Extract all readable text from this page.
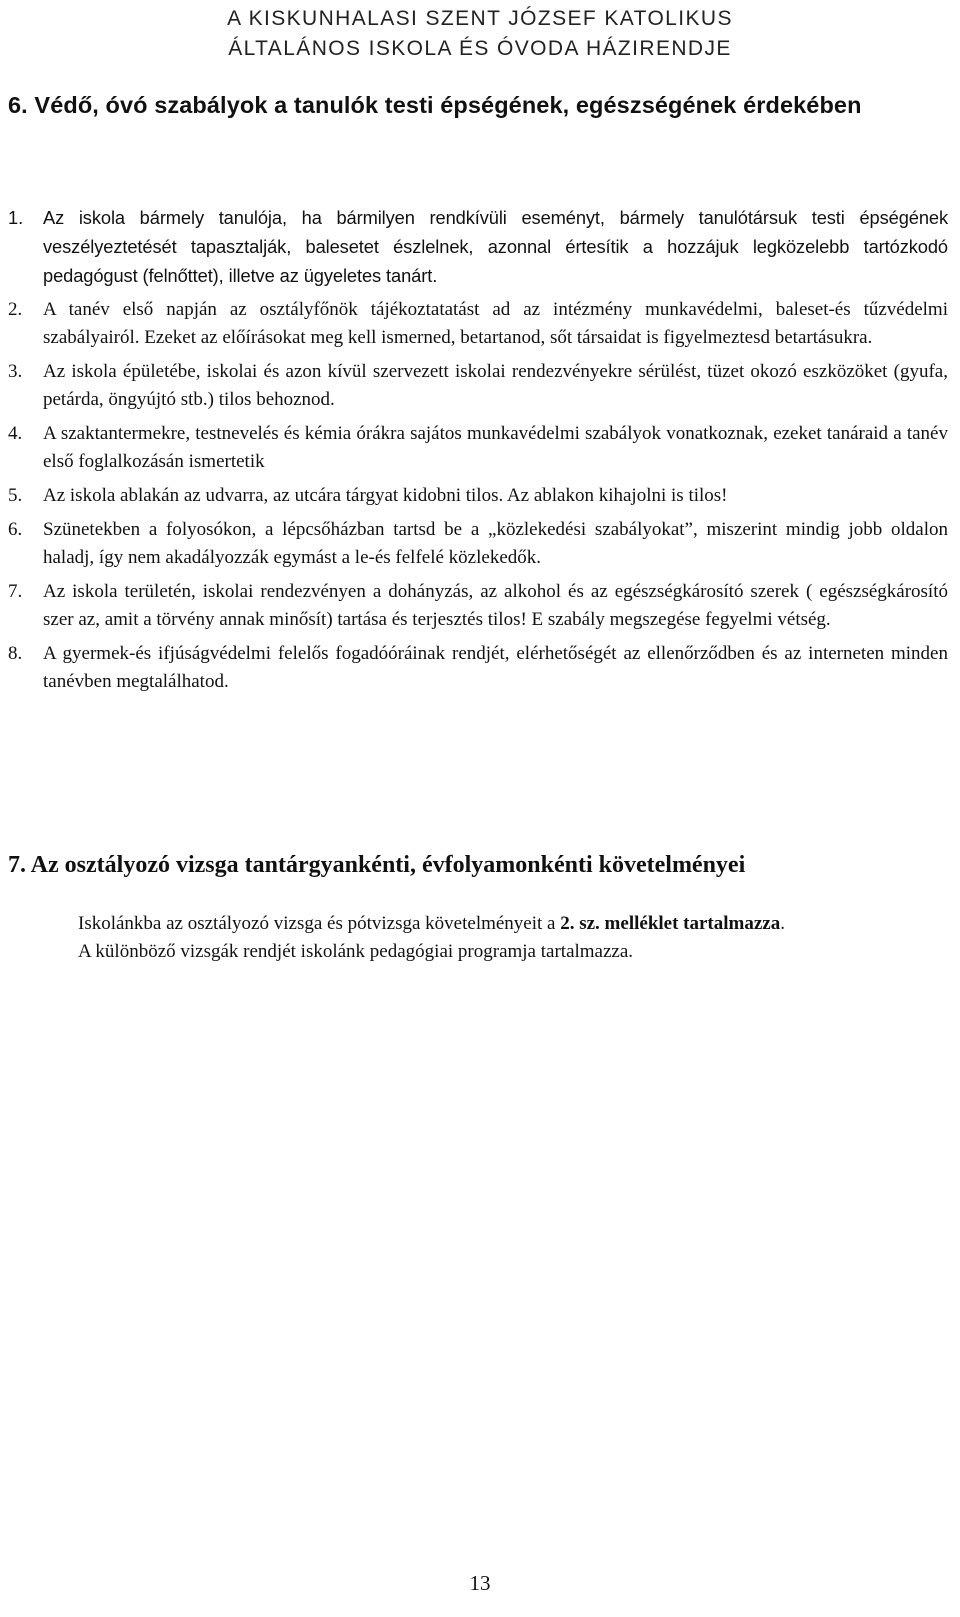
A KISKUNHALASI SZENT JÓZSEF KATOLIKUS
ÁLTALÁNOS ISKOLA ÉS ÓVODA HÁZIRENDJE
6. Védő, óvó szabályok a tanulók testi épségének, egészségének érdekében
1. Az iskola bármely tanulója, ha bármilyen rendkívüli eseményt, bármely tanulótársuk testi épségének veszélyeztetését tapasztalják, balesetet észlelnek, azonnal értesítik a hozzájuk legközelebb tartózkodó pedagógust (felnőttet), illetve az ügyeletes tanárt.
2. A tanév első napján az osztályfőnök tájékoztatatást ad az intézmény munkavédelmi, baleset-és tűzvédelmi szabályairól. Ezeket az előírásokat meg kell ismerned, betartanod, sőt társaidat is figyelmeztesd betartásukra.
3. Az iskola épületébe, iskolai és azon kívül szervezett iskolai rendezvényekre sérülést, tüzet okozó eszközöket (gyufa, petárda, öngyújtó stb.) tilos behoznod.
4. A szaktantermekre, testnevelés és kémia órákra sajátos munkavédelmi szabályok vonatkoznak, ezeket tanáraid a tanév első foglalkozásán ismertetik
5. Az iskola ablakán az udvarra, az utcára tárgyat kidobni tilos. Az ablakon kihajolni is tilos!
6. Szünetekben a folyosókon, a lépcsőházban tartsd be a „közlekedési szabályokat”, miszerint mindig jobb oldalon haladj, így nem akadályozzák egymást a le-és felfelé közlekedők.
7. Az iskola területén, iskolai rendezvényen a dohányzás, az alkohol és az egészségkárosító szerek ( egészségkárosító szer az, amit a törvény annak minősít) tartása és terjesztés tilos! E szabály megszegése fegyelmi vétség.
8. A gyermek-és ifjúságvédelmi felelős fogadóóráinak rendjét, elérhetőségét az ellenőrződben és az interneten minden tanévben megtalálhatod.
7. Az osztályozó vizsga tantárgyankénti, évfolyamonkénti követelményei

Iskolánkba az osztályozó vizsga és pótvizsga követelményeit a 2. sz. melléklet tartalmazza.

A különböző vizsgák rendjét iskolánk pedagógiai programja tartalmazza.

13
